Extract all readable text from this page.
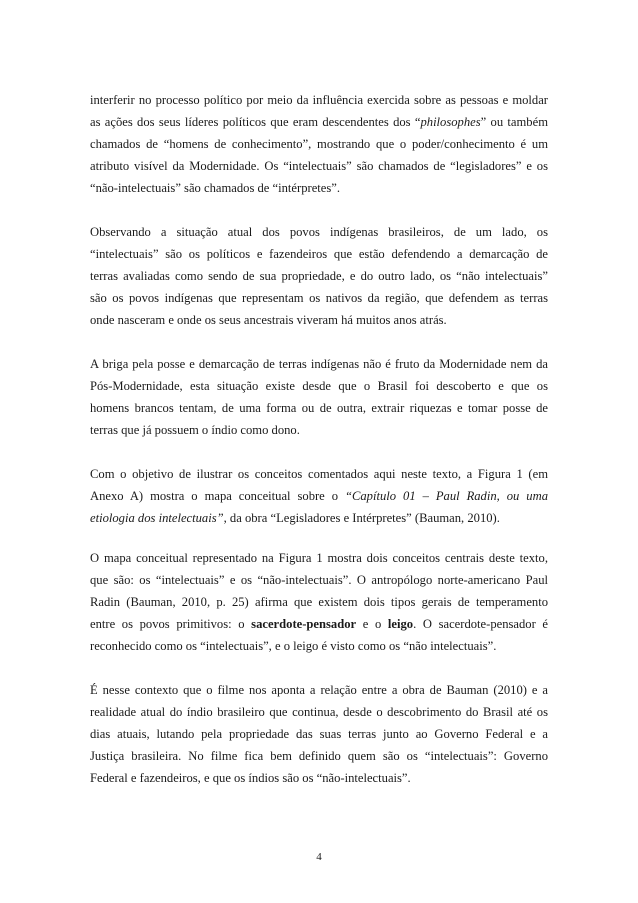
interferir no processo político por meio da influência exercida sobre as pessoas e moldar
as ações dos seus líderes políticos que eram descendentes dos “philosophes” ou também
chamados de “homens de conhecimento”, mostrando que o poder/conhecimento é um
atributo visível da Modernidade. Os “intelectuais” são chamados de “legisladores” e os
“não-intelectuais” são chamados de “intérpretes”.
Observando a situação atual dos povos indígenas brasileiros, de um lado, os
“intelectuais” são os políticos e fazendeiros que estão defendendo a demarcação de
terras avaliadas como sendo de sua propriedade, e do outro lado, os “não intelectuais”
são os povos indígenas que representam os nativos da região, que defendem as terras
onde nasceram e onde os seus ancestrais viveram há muitos anos atrás.
A briga pela posse e demarcação de terras indígenas não é fruto da Modernidade nem da
Pós-Modernidade, esta situação existe desde que o Brasil foi descoberto e que os
homens brancos tentam, de uma forma ou de outra, extrair riquezas e tomar posse de
terras que já possuem o índio como dono.
Com o objetivo de ilustrar os conceitos comentados aqui neste texto, a Figura 1 (em
Anexo A) mostra o mapa conceitual sobre o “Capítulo 01 – Paul Radin, ou uma
etiologia dos intelectuais”, da obra “Legisladores e Intérpretes” (Bauman, 2010).
O mapa conceitual representado na Figura 1 mostra dois conceitos centrais deste texto,
que são: os “intelectuais” e os “não-intelectuais”. O antropólogo norte-americano Paul
Radin (Bauman, 2010, p. 25) afirma que existem dois tipos gerais de temperamento
entre os povos primitivos: o sacerdote-pensador e o leigo. O sacerdote-pensador é
reconhecido como os “intelectuais”, e o leigo é visto como os “não intelectuais”.
É nesse contexto que o filme nos aponta a relação entre a obra de Bauman (2010) e a
realidade atual do índio brasileiro que continua, desde o descobrimento do Brasil até os
dias atuais, lutando pela propriedade das suas terras junto ao Governo Federal e a
Justiça brasileira. No filme fica bem definido quem são os “intelectuais”: Governo
Federal e fazendeiros, e que os índios são os “não-intelectuais”.
4
